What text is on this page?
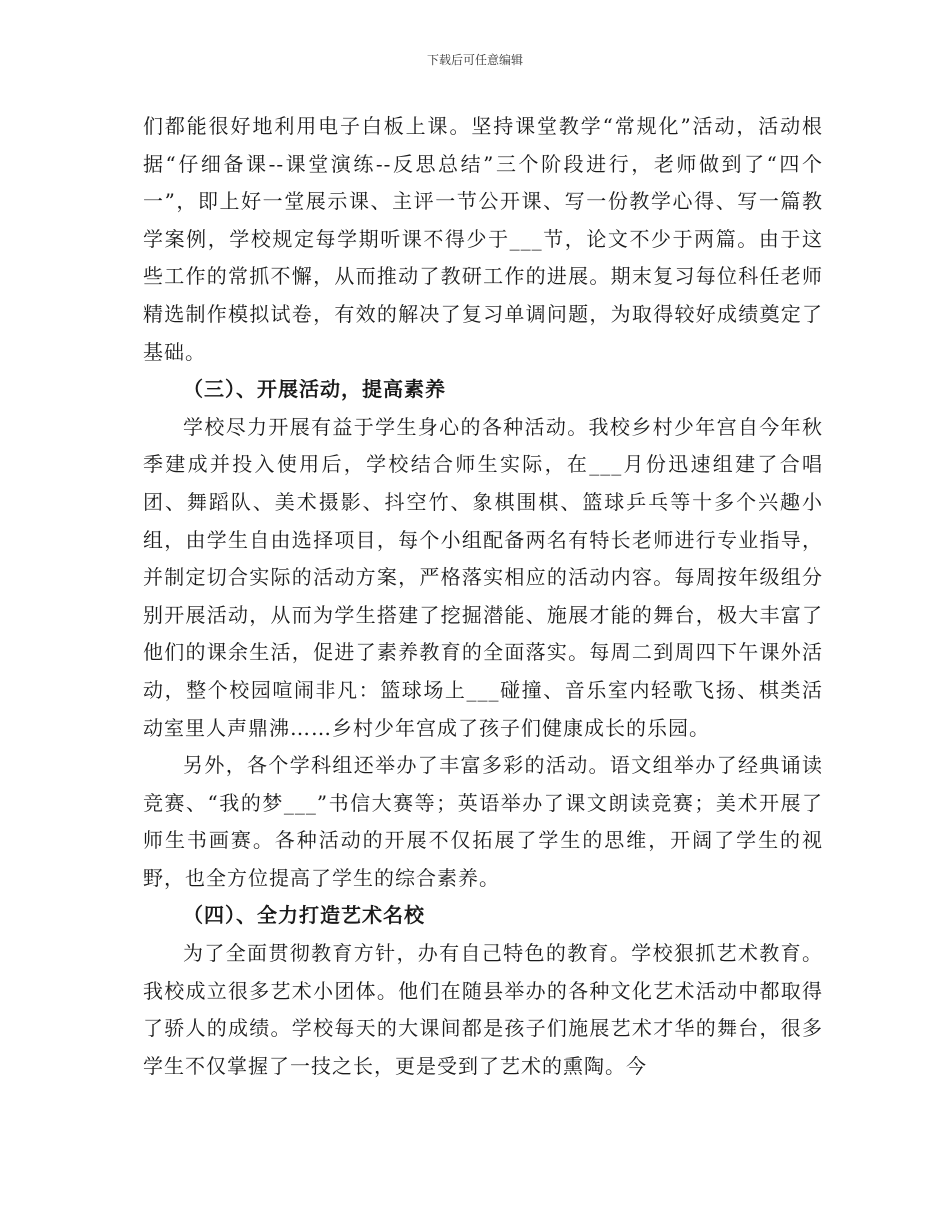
下载后可任意编辑

们都能很好地利用电子白板上课。坚持课堂教学“常规化”活动，活动根据“仔细备课--课堂演练--反思总结”三个阶段进行，老师做到了“四个一”，即上好一堂展示课、主评一节公开课、写一份教学心得、写一篇教学案例，学校规定每学期听课不得少于___节，论文不少于两篇。由于这些工作的常抓不懈，从而推动了教研工作的进展。期末复习每位科任老师精选制作模拟试卷，有效的解决了复习单调问题，为取得较好成绩奠定了基础。

（三）、开展活动，提高素养

学校尽力开展有益于学生身心的各种活动。我校乡村少年宫自今年秋季建成并投入使用后，学校结合师生实际，在___月份迅速组建了合唱团、舞蹈队、美术摄影、抖空竹、象棋围棋、篮球乒乓等十多个兴趣小组，由学生自由选择项目，每个小组配备两名有特长老师进行专业指导，并制定切合实际的活动方案，严格落实相应的活动内容。每周按年级组分别开展活动，从而为学生搭建了挖掘潜能、施展才能的舞台，极大丰富了他们的课余生活，促进了素养教育的全面落实。每周二到周四下午课外活动，整个校园喧闹非凡：篮球场上___碰撞、音乐室内轻歌飞扬、棋类活动室里人声鼎沸……乡村少年宫成了孩子们健康成长的乐园。

另外，各个学科组还举办了丰富多彩的活动。语文组举办了经典诵读竞赛、“我的梦___”书信大赛等；英语举办了课文朗读竞赛；美术开展了师生书画赛。各种活动的开展不仅拓展了学生的思维，开阔了学生的视野，也全方位提高了学生的综合素养。

（四）、全力打造艺术名校

为了全面贯彻教育方针，办有自己特色的教育。学校狠抓艺术教育。我校成立很多艺术小团体。他们在随县举办的各种文化艺术活动中都取得了骄人的成绩。学校每天的大课间都是孩子们施展艺术才华的舞台，很多学生不仅掌握了一技之长，更是受到了艺术的熏陶。今
